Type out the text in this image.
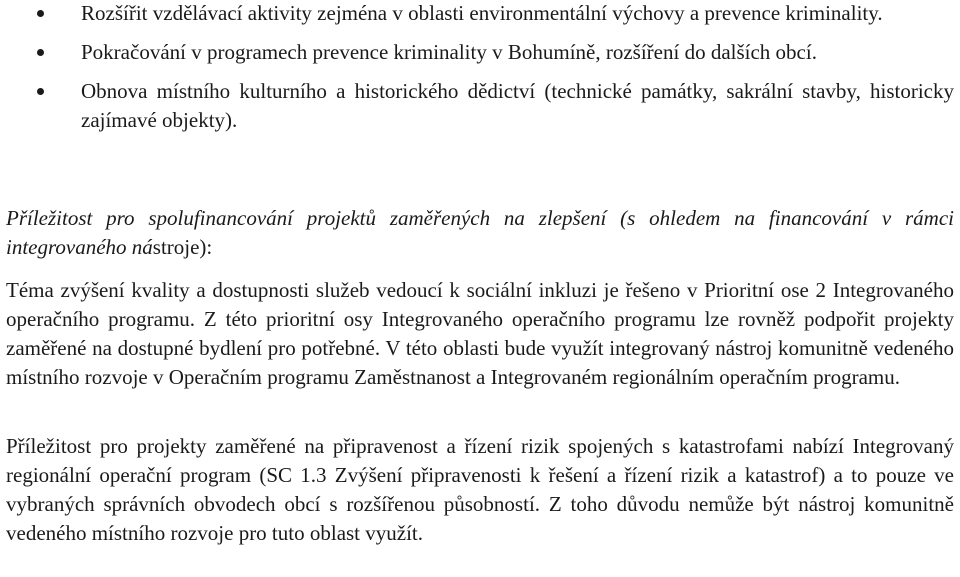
Rozšířit vzdělávací aktivity zejména v oblasti environmentální výchovy a prevence kriminality.
Pokračování v programech prevence kriminality v Bohumíně, rozšíření do dalších obcí.
Obnova místního kulturního a historického dědictví (technické památky, sakrální stavby, historicky zajímavé objekty).
Příležitost pro spolufinancování projektů zaměřených na zlepšení (s ohledem na financování v rámci integrovaného nástroje):
Téma zvýšení kvality a dostupnosti služeb vedoucí k sociální inkluzi je řešeno v Prioritní ose 2 Integrovaného operačního programu. Z této prioritní osy Integrovaného operačního programu lze rovněž podpořit projekty zaměřené na dostupné bydlení pro potřebné. V této oblasti bude využít integrovaný nástroj komunitně vedeného místního rozvoje v Operačním programu Zaměstnanost a Integrovaném regionálním operačním programu.
Příležitost pro projekty zaměřené na připravenost a řízení rizik spojených s katastrofami nabízí Integrovaný regionální operační program (SC 1.3 Zvýšení připravenosti k řešení a řízení rizik a katastrof) a to pouze ve vybraných správních obvodech obcí s rozšířenou působností. Z toho důvodu nemůže být nástroj komunitně vedeného místního rozvoje pro tuto oblast využít.
